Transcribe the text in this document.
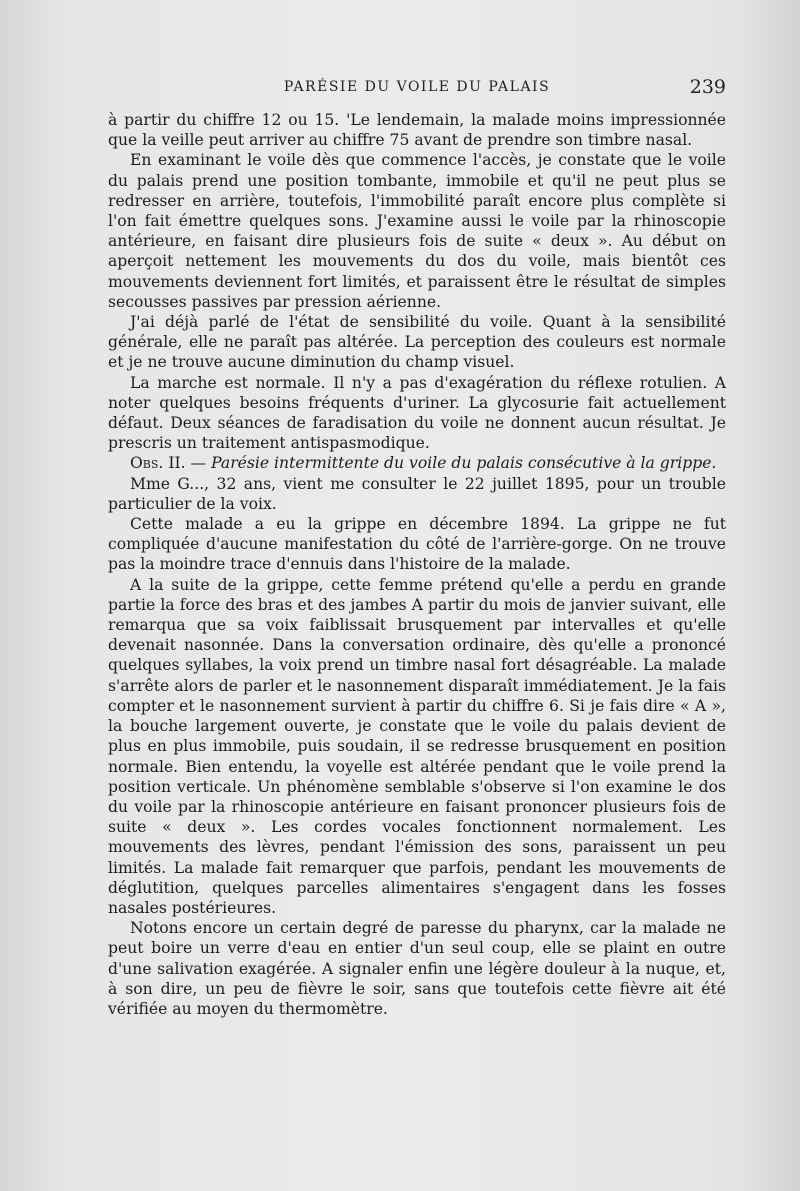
PARÉSIE DU VOILE DU PALAIS	239

à partir du chiffre 12 ou 15. 'Le lendemain, la malade moins impressionnée que la veille peut arriver au chiffre 75 avant de prendre son timbre nasal.

En examinant le voile dès que commence l'accès, je constate que le voile du palais prend une position tombante, immobile et qu'il ne peut plus se redresser en arrière, toutefois, l'immobilité paraît encore plus complète si l'on fait émettre quelques sons. J'examine aussi le voile par la rhinoscopie antérieure, en faisant dire plusieurs fois de suite « deux ». Au début on aperçoit nettement les mouvements du dos du voile, mais bientôt ces mouvements deviennent fort limités, et paraissent être le résultat de simples secousses passives par pression aérienne.

J'ai déjà parlé de l'état de sensibilité du voile. Quant à la sensibilité générale, elle ne paraît pas altérée. La perception des couleurs est normale et je ne trouve aucune diminution du champ visuel.

La marche est normale. Il n'y a pas d'exagération du réflexe rotulien. A noter quelques besoins fréquents d'uriner. La glycosurie fait actuellement défaut. Deux séances de faradisation du voile ne donnent aucun résultat. Je prescris un traitement antispasmodique.

Obs. II. — Parésie intermittente du voile du palais consécutive à la grippe.

Mme G..., 32 ans, vient me consulter le 22 juillet 1895, pour un trouble particulier de la voix.

Cette malade a eu la grippe en décembre 1894. La grippe ne fut compliquée d'aucune manifestation du côté de l'arrière-gorge. On ne trouve pas la moindre trace d'ennuis dans l'histoire de la malade.

A la suite de la grippe, cette femme prétend qu'elle a perdu en grande partie la force des bras et des jambes A partir du mois de janvier suivant, elle remarqua que sa voix faiblissait brusquement par intervalles et qu'elle devenait nasonnée. Dans la conversation ordinaire, dès qu'elle a prononcé quelques syllabes, la voix prend un timbre nasal fort désagréable. La malade s'arrête alors de parler et le nasonnement disparaît immédiatement. Je la fais compter et le nasonnement survient à partir du chiffre 6. Si je fais dire « A », la bouche largement ouverte, je constate que le voile du palais devient de plus en plus immobile, puis soudain, il se redresse brusquement en position normale. Bien entendu, la voyelle est altérée pendant que le voile prend la position verticale. Un phénomène semblable s'observe si l'on examine le dos du voile par la rhinoscopie antérieure en faisant prononcer plusieurs fois de suite « deux ». Les cordes vocales fonctionnent normalement. Les mouvements des lèvres, pendant l'émission des sons, paraissent un peu limités. La malade fait remarquer que parfois, pendant les mouvements de déglutition, quelques parcelles alimentaires s'engagent dans les fosses nasales postérieures.

Notons encore un certain degré de paresse du pharynx, car la malade ne peut boire un verre d'eau en entier d'un seul coup, elle se plaint en outre d'une salivation exagérée. A signaler enfin une légère douleur à la nuque, et, à son dire, un peu de fièvre le soir, sans que toutefois cette fièvre ait été vérifiée au moyen du thermomètre.
